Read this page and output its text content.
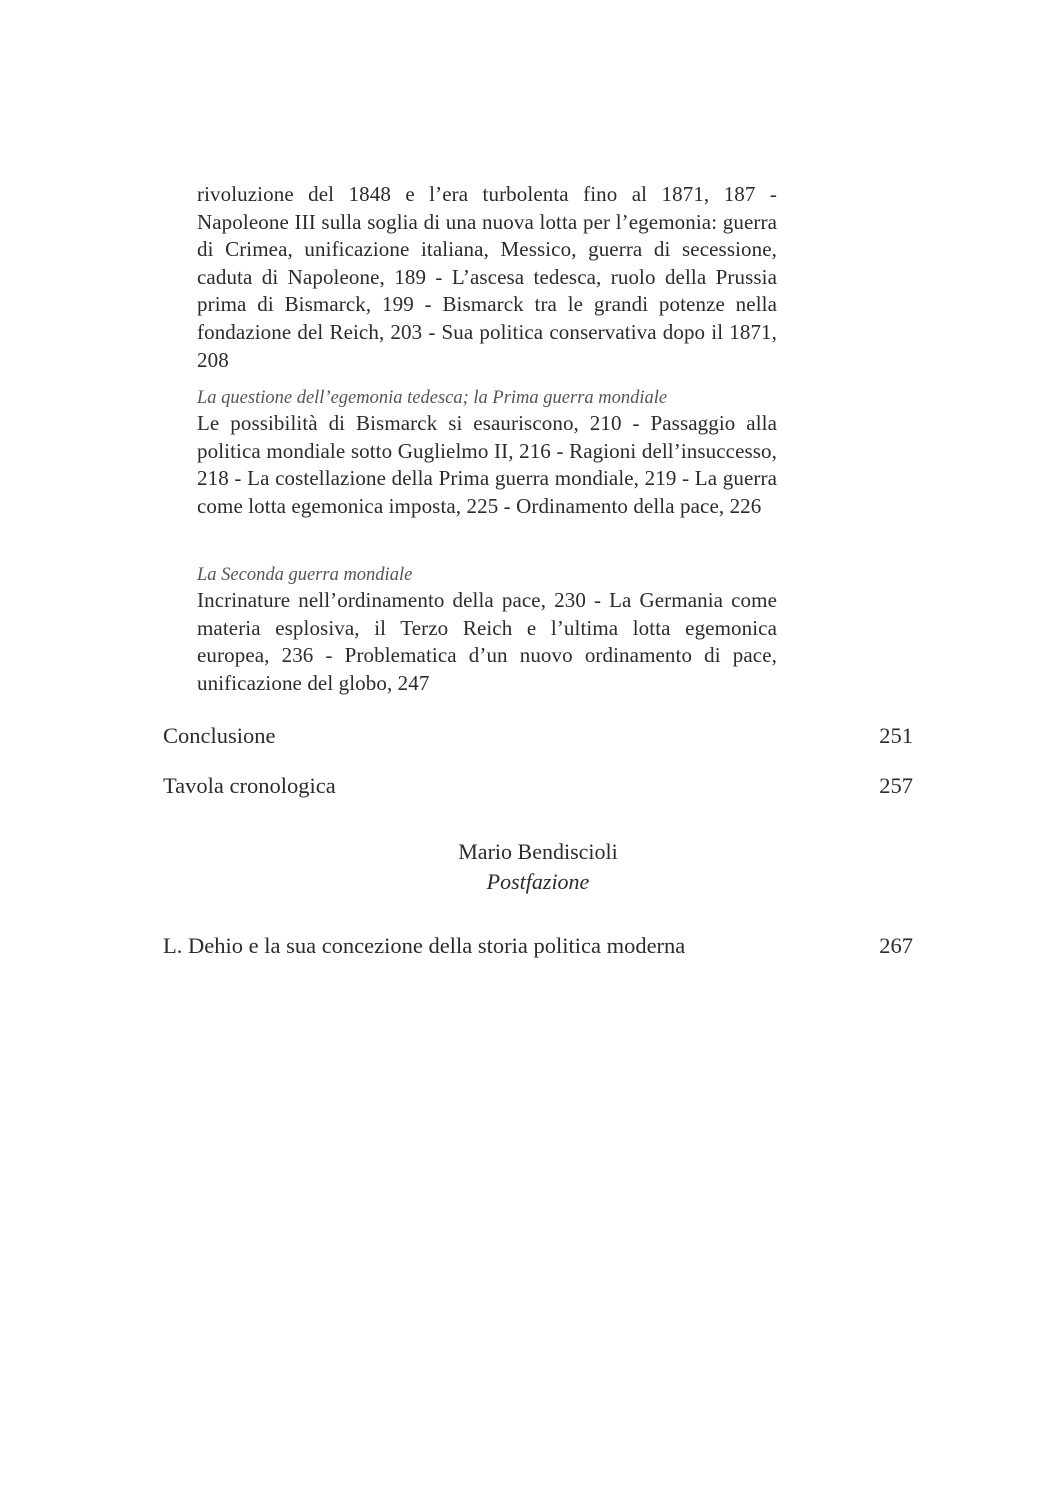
rivoluzione del 1848 e l’era turbolenta fino al 1871, 187 - Napoleone III sulla soglia di una nuova lotta per l’egemonia: guerra di Crimea, unificazione italiana, Messico, guerra di secessione, caduta di Napoleone, 189 - L’ascesa tedesca, ruolo della Prussia prima di Bismarck, 199 - Bismarck tra le grandi potenze nella fondazione del Reich, 203 - Sua politica conservativa dopo il 1871, 208

La questione dell’egemonia tedesca; la Prima guerra mondiale

Le possibilità di Bismarck si esauriscono, 210 - Passaggio alla politica mondiale sotto Guglielmo II, 216 - Ragioni dell’insuccesso, 218 - La costellazione della Prima guerra mondiale, 219 - La guerra come lotta egemonica imposta, 225 - Ordinamento della pace, 226

La Seconda guerra mondiale

Incrinature nell’ordinamento della pace, 230 - La Germania come materia esplosiva, il Terzo Reich e l’ultima lotta egemonica europea, 236 - Problematica d’un nuovo ordinamento di pace, unificazione del globo, 247

Conclusione	251
Tavola cronologica	257
Mario Bendiscioli
Postfazione
L. Dehio e la sua concezione della storia politica moderna	267
